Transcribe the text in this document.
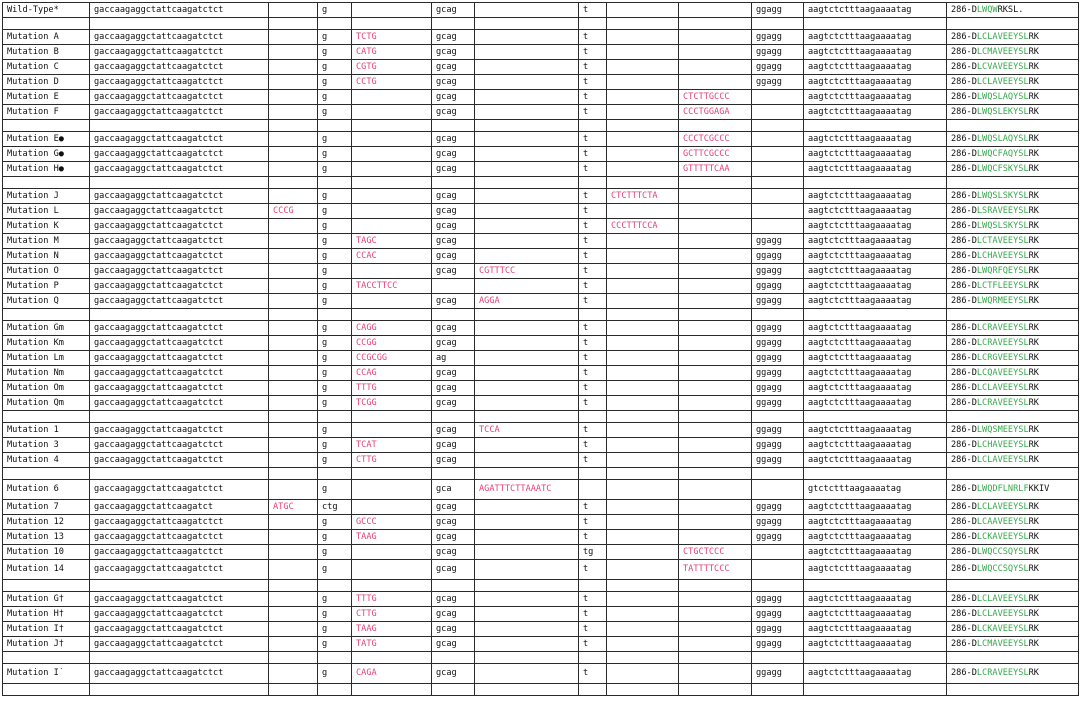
Wild-Type*	gaccaagaggctattcaagatctct		g		gcag		t			ggagg	aagtctctttaagaaaatag	286-DLWQWRKSL.

Mutation A	gaccaagaggctattcaagatctct		g	TCTG	gcag		t			ggagg	aagtctctttaagaaaatag	286-DLCLAVEEYSLRK
Mutation B	gaccaagaggctattcaagatctct		g	CATG	gcag		t			ggagg	aagtctctttaagaaaatag	286-DLCMAVEEYSLRK
Mutation C	gaccaagaggctattcaagatctct		g	CGTG	gcag		t			ggagg	aagtctctttaagaaaatag	286-DLCVAVEEYSLRK
Mutation D	gaccaagaggctattcaagatctct		g	CCTG	gcag		t			ggagg	aagtctctttaagaaaatag	286-DLCLAVEEYSLRK
Mutation E	gaccaagaggctattcaagatctct		g		gcag		t		CTCTTGCCC		aagtctctttaagaaaatag	286-DLWQSLAQYSLRK
Mutation F	gaccaagaggctattcaagatctct		g		gcag		t		CCCTGGAGA		aagtctctttaagaaaatag	286-DLWQSLEKYSLRK

Mutation E●	gaccaagaggctattcaagatctct		g		gcag		t		CCCTCGCCC		aagtctctttaagaaaatag	286-DLWQSLAQYSLRK
Mutation G●	gaccaagaggctattcaagatctct		g		gcag		t		GCTTCGCCC		aagtctctttaagaaaatag	286-DLWQCFAQYSLRK
Mutation H●	gaccaagaggctattcaagatctct		g		gcag		t		GTTTTTCAA		aagtctctttaagaaaatag	286-DLWQCFSKYSLRK

Mutation J	gaccaagaggctattcaagatctct		g		gcag		t	CTCTTTCTA			aagtctctttaagaaaatag	286-DLWQSLSKYSLRK
Mutation L	gaccaagaggctattcaagatctct	CCCG	g		gcag		t				aagtctctttaagaaaatag	286-DLSRAVEEYSLRK
Mutation K	gaccaagaggctattcaagatctct		g		gcag		t	CCCTTTCCA			aagtctctttaagaaaatag	286-DLWQSLSKYSLRK
Mutation M	gaccaagaggctattcaagatctct		g	TAGC	gcag		t			ggagg	aagtctctttaagaaaatag	286-DLCTAVEEYSLRK
Mutation N	gaccaagaggctattcaagatctct		g	CCAC	gcag		t			ggagg	aagtctctttaagaaaatag	286-DLCHAVEEYSLRK
Mutation O	gaccaagaggctattcaagatctct		g		gcag	CGTTTCC	t			ggagg	aagtctctttaagaaaatag	286-DLWQRFQEYSLRK
Mutation P	gaccaagaggctattcaagatctct		g	TACCTTCC			t			ggagg	aagtctctttaagaaaatag	286-DLCTFLEEYSLRK
Mutation Q	gaccaagaggctattcaagatctct		g		gcag	AGGA	t			ggagg	aagtctctttaagaaaatag	286-DLWQRMEEYSLRK

Mutation Gm	gaccaagaggctattcaagatctct		g	CAGG	gcag		t			ggagg	aagtctctttaagaaaatag	286-DLCRAVEEYSLRK
Mutation Km	gaccaagaggctattcaagatctct		g	CCGG	gcag		t			ggagg	aagtctctttaagaaaatag	286-DLCRAVEEYSLRK
Mutation Lm	gaccaagaggctattcaagatctct		g	CCGCGG	ag		t			ggagg	aagtctctttaagaaaatag	286-DLCRGVEEYSLRK
Mutation Nm	gaccaagaggctattcaagatctct		g	CCAG	gcag		t			ggagg	aagtctctttaagaaaatag	286-DLCQAVEEYSLRK
Mutation Om	gaccaagaggctattcaagatctct		g	TTTG	gcag		t			ggagg	aagtctctttaagaaaatag	286-DLCLAVEEYSLRK
Mutation Qm	gaccaagaggctattcaagatctct		g	TCGG	gcag		t			ggagg	aagtctctttaagaaaatag	286-DLCRAVEEYSLRK

Mutation 1	gaccaagaggctattcaagatctct		g		gcag	TCCA	t			ggagg	aagtctctttaagaaaatag	286-DLWQSMEEYSLRK
Mutation 3	gaccaagaggctattcaagatctct		g	TCAT	gcag		t			ggagg	aagtctctttaagaaaatag	286-DLCHAVEEYSLRK
Mutation 4	gaccaagaggctattcaagatctct		g	CTTG	gcag		t			ggagg	aagtctctttaagaaaatag	286-DLCLAVEEYSLRK

Mutation 6	gaccaagaggctattcaagatctct		g		gca	AGATTTCTTAAATC					gtctctttaagaaaatag	286-DLWQDFLNRLFKKIV
Mutation 7	gaccaagaggctattcaagatct	ATGC	ctg		gcag		t			ggagg	aagtctctttaagaaaatag	286-DLCLAVEEYSLRK
Mutation 12	gaccaagaggctattcaagatctct		g	GCCC	gcag		t			ggagg	aagtctctttaagaaaatag	286-DLCAAVEEYSLRK
Mutation 13	gaccaagaggctattcaagatctct		g	TAAG	gcag		t			ggagg	aagtctctttaagaaaatag	286-DLCKAVEEYSLRK
Mutation 10	gaccaagaggctattcaagatctct		g		gcag		tg		CTGCTCCC		aagtctctttaagaaaatag	286-DLWQCCSQYSLRK
Mutation 14	gaccaagaggctattcaagatctct		g		gcag		t		TATTTTCCC		aagtctctttaagaaaatag	286-DLWQCCSQYSLRK

Mutation G†	gaccaagaggctattcaagatctct		g	TTTG	gcag		t			ggagg	aagtctctttaagaaaatag	286-DLCLAVEEYSLRK
Mutation H†	gaccaagaggctattcaagatctct		g	CTTG	gcag		t			ggagg	aagtctctttaagaaaatag	286-DLCLAVEEYSLRK
Mutation I†	gaccaagaggctattcaagatctct		g	TAAG	gcag		t			ggagg	aagtctctttaagaaaatag	286-DLCKAVEEYSLRK
Mutation J†	gaccaagaggctattcaagatctct		g	TATG	gcag		t			ggagg	aagtctctttaagaaaatag	286-DLCMAVEEYSLRK

Mutation I˙	gaccaagaggctattcaagatctct		g	CAGA	gcag		t			ggagg	aagtctctttaagaaaatag	286-DLCRAVEEYSLRK
